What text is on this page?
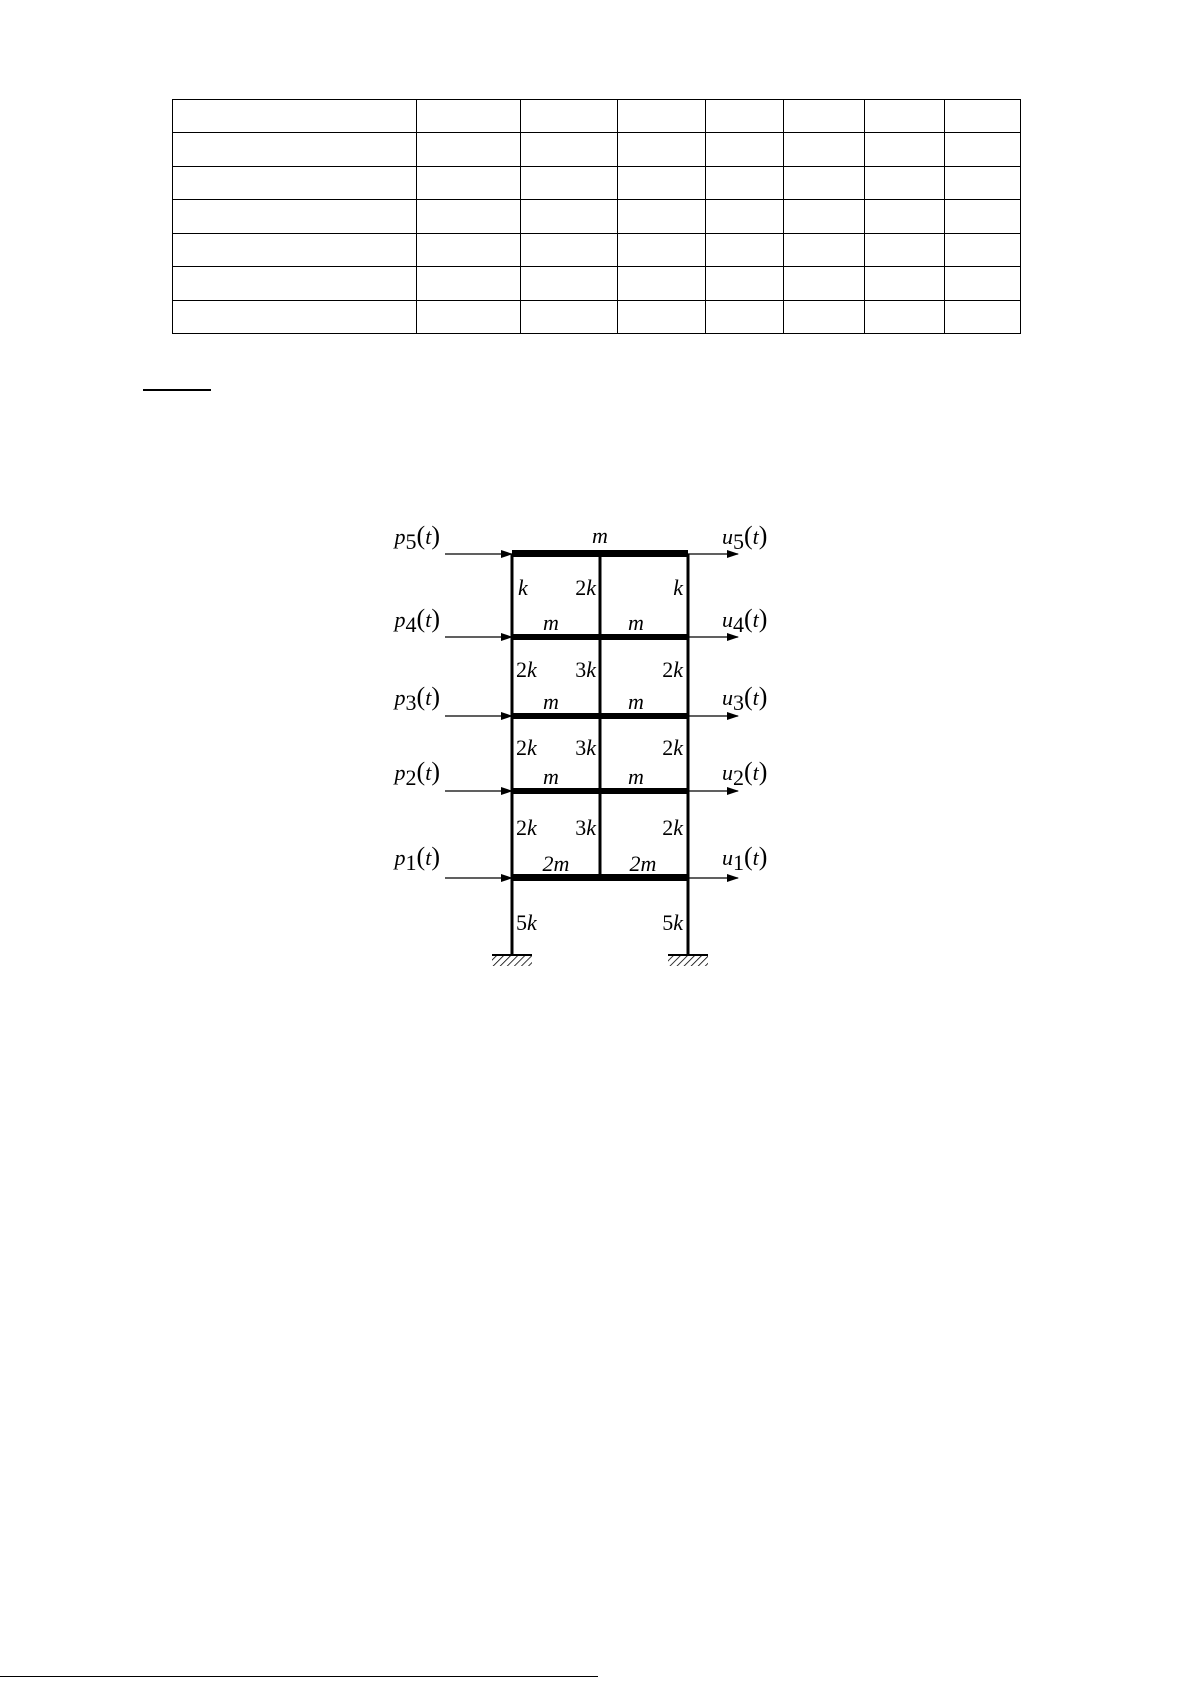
p5(t)
p4(t)
p3(t)
p2(t)
p1(t)
u5(t)
u4(t)
u3(t)
u2(t)
u1(t)
m
m	m
m	m
m	m
2m	2m
k 2k	k
2k 3k	2k
2k 3k	2k
2k 3k	2k
5k	5k
